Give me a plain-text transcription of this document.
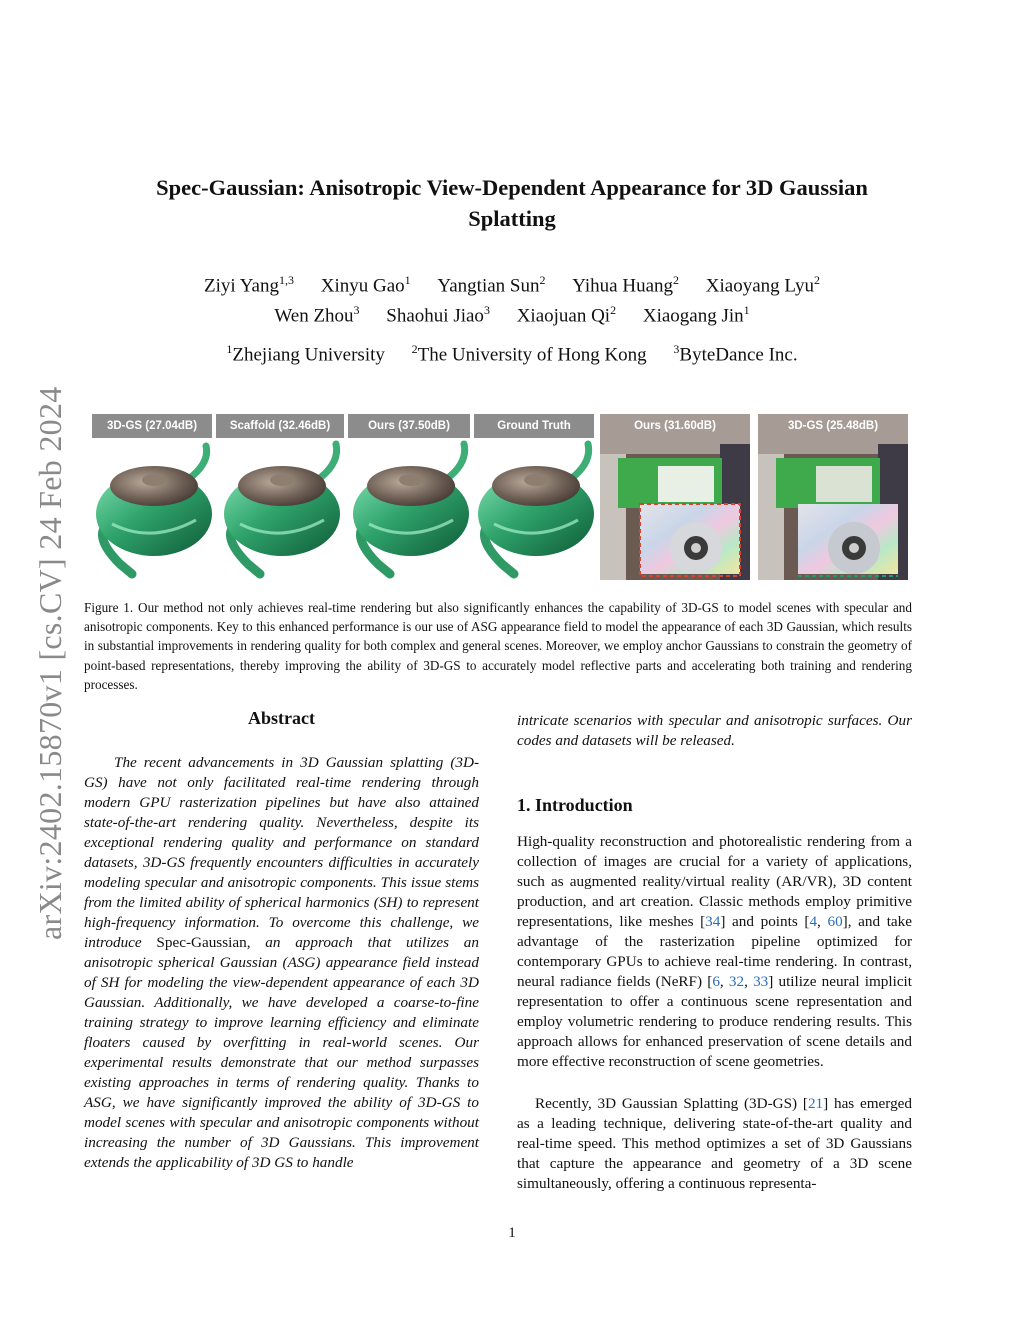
arXiv:2402.15870v1 [cs.CV] 24 Feb 2024
Spec-Gaussian: Anisotropic View-Dependent Appearance for 3D Gaussian
Splatting
Ziyi Yang$^{1,3}$ Xinyu Gao$^1$ Yangtian Sun$^2$ Yihua Huang$^2$ Xiaoyang Lyu$^2$
Wen Zhou$^3$ Shaohui Jiao$^3$ Xiaojuan Qi$^2$ Xiaogang Jin$^1$
$^1$Zhejiang University $^2$The University of Hong Kong $^3$ByteDance Inc.
3D-GS (27.04dB)	Scaffold (32.46dB)	Ours (37.50dB)	Ground Truth	Ours (31.60dB)	3D-GS (25.48dB)
Figure 1. Our method not only achieves real-time rendering but also significantly enhances the capability of 3D-GS to model scenes with specular and anisotropic components. Key to this enhanced performance is our use of ASG appearance field to model the appearance of each 3D Gaussian, which results in substantial improvements in rendering quality for both complex and general scenes. Moreover, we employ anchor Gaussians to constrain the geometry of point-based representations, thereby improving the ability of 3D-GS to accurately model reflective parts and accelerating both training and rendering processes.
Abstract
The recent advancements in 3D Gaussian splatting (3D-GS) have not only facilitated real-time rendering through modern GPU rasterization pipelines but have also attained state-of-the-art rendering quality. Nevertheless, despite its exceptional rendering quality and performance on standard datasets, 3D-GS frequently encounters difficulties in accurately modeling specular and anisotropic components. This issue stems from the limited ability of spherical harmonics (SH) to represent high-frequency information. To overcome this challenge, we introduce Spec-Gaussian, an approach that utilizes an anisotropic spherical Gaussian (ASG) appearance field instead of SH for modeling the view-dependent appearance of each 3D Gaussian. Additionally, we have developed a coarse-to-fine training strategy to improve learning efficiency and eliminate floaters caused by overfitting in real-world scenes. Our experimental results demonstrate that our method surpasses existing approaches in terms of rendering quality. Thanks to ASG, we have significantly improved the ability of 3D-GS to model scenes with specular and anisotropic components without increasing the number of 3D Gaussians. This improvement extends the applicability of 3D GS to handle
intricate scenarios with specular and anisotropic surfaces. Our codes and datasets will be released.
1. Introduction
High-quality reconstruction and photorealistic rendering from a collection of images are crucial for a variety of applications, such as augmented reality/virtual reality (AR/VR), 3D content production, and art creation. Classic methods employ primitive representations, like meshes [34] and points [4, 60], and take advantage of the rasterization pipeline optimized for contemporary GPUs to achieve real-time rendering. In contrast, neural radiance fields (NeRF) [6, 32, 33] utilize neural implicit representation to offer a continuous scene representation and employ volumetric rendering to produce rendering results. This approach allows for enhanced preservation of scene details and more effective reconstruction of scene geometries.
Recently, 3D Gaussian Splatting (3D-GS) [21] has emerged as a leading technique, delivering state-of-the-art quality and real-time speed. This method optimizes a set of 3D Gaussians that capture the appearance and geometry of a 3D scene simultaneously, offering a continuous representa-
1
